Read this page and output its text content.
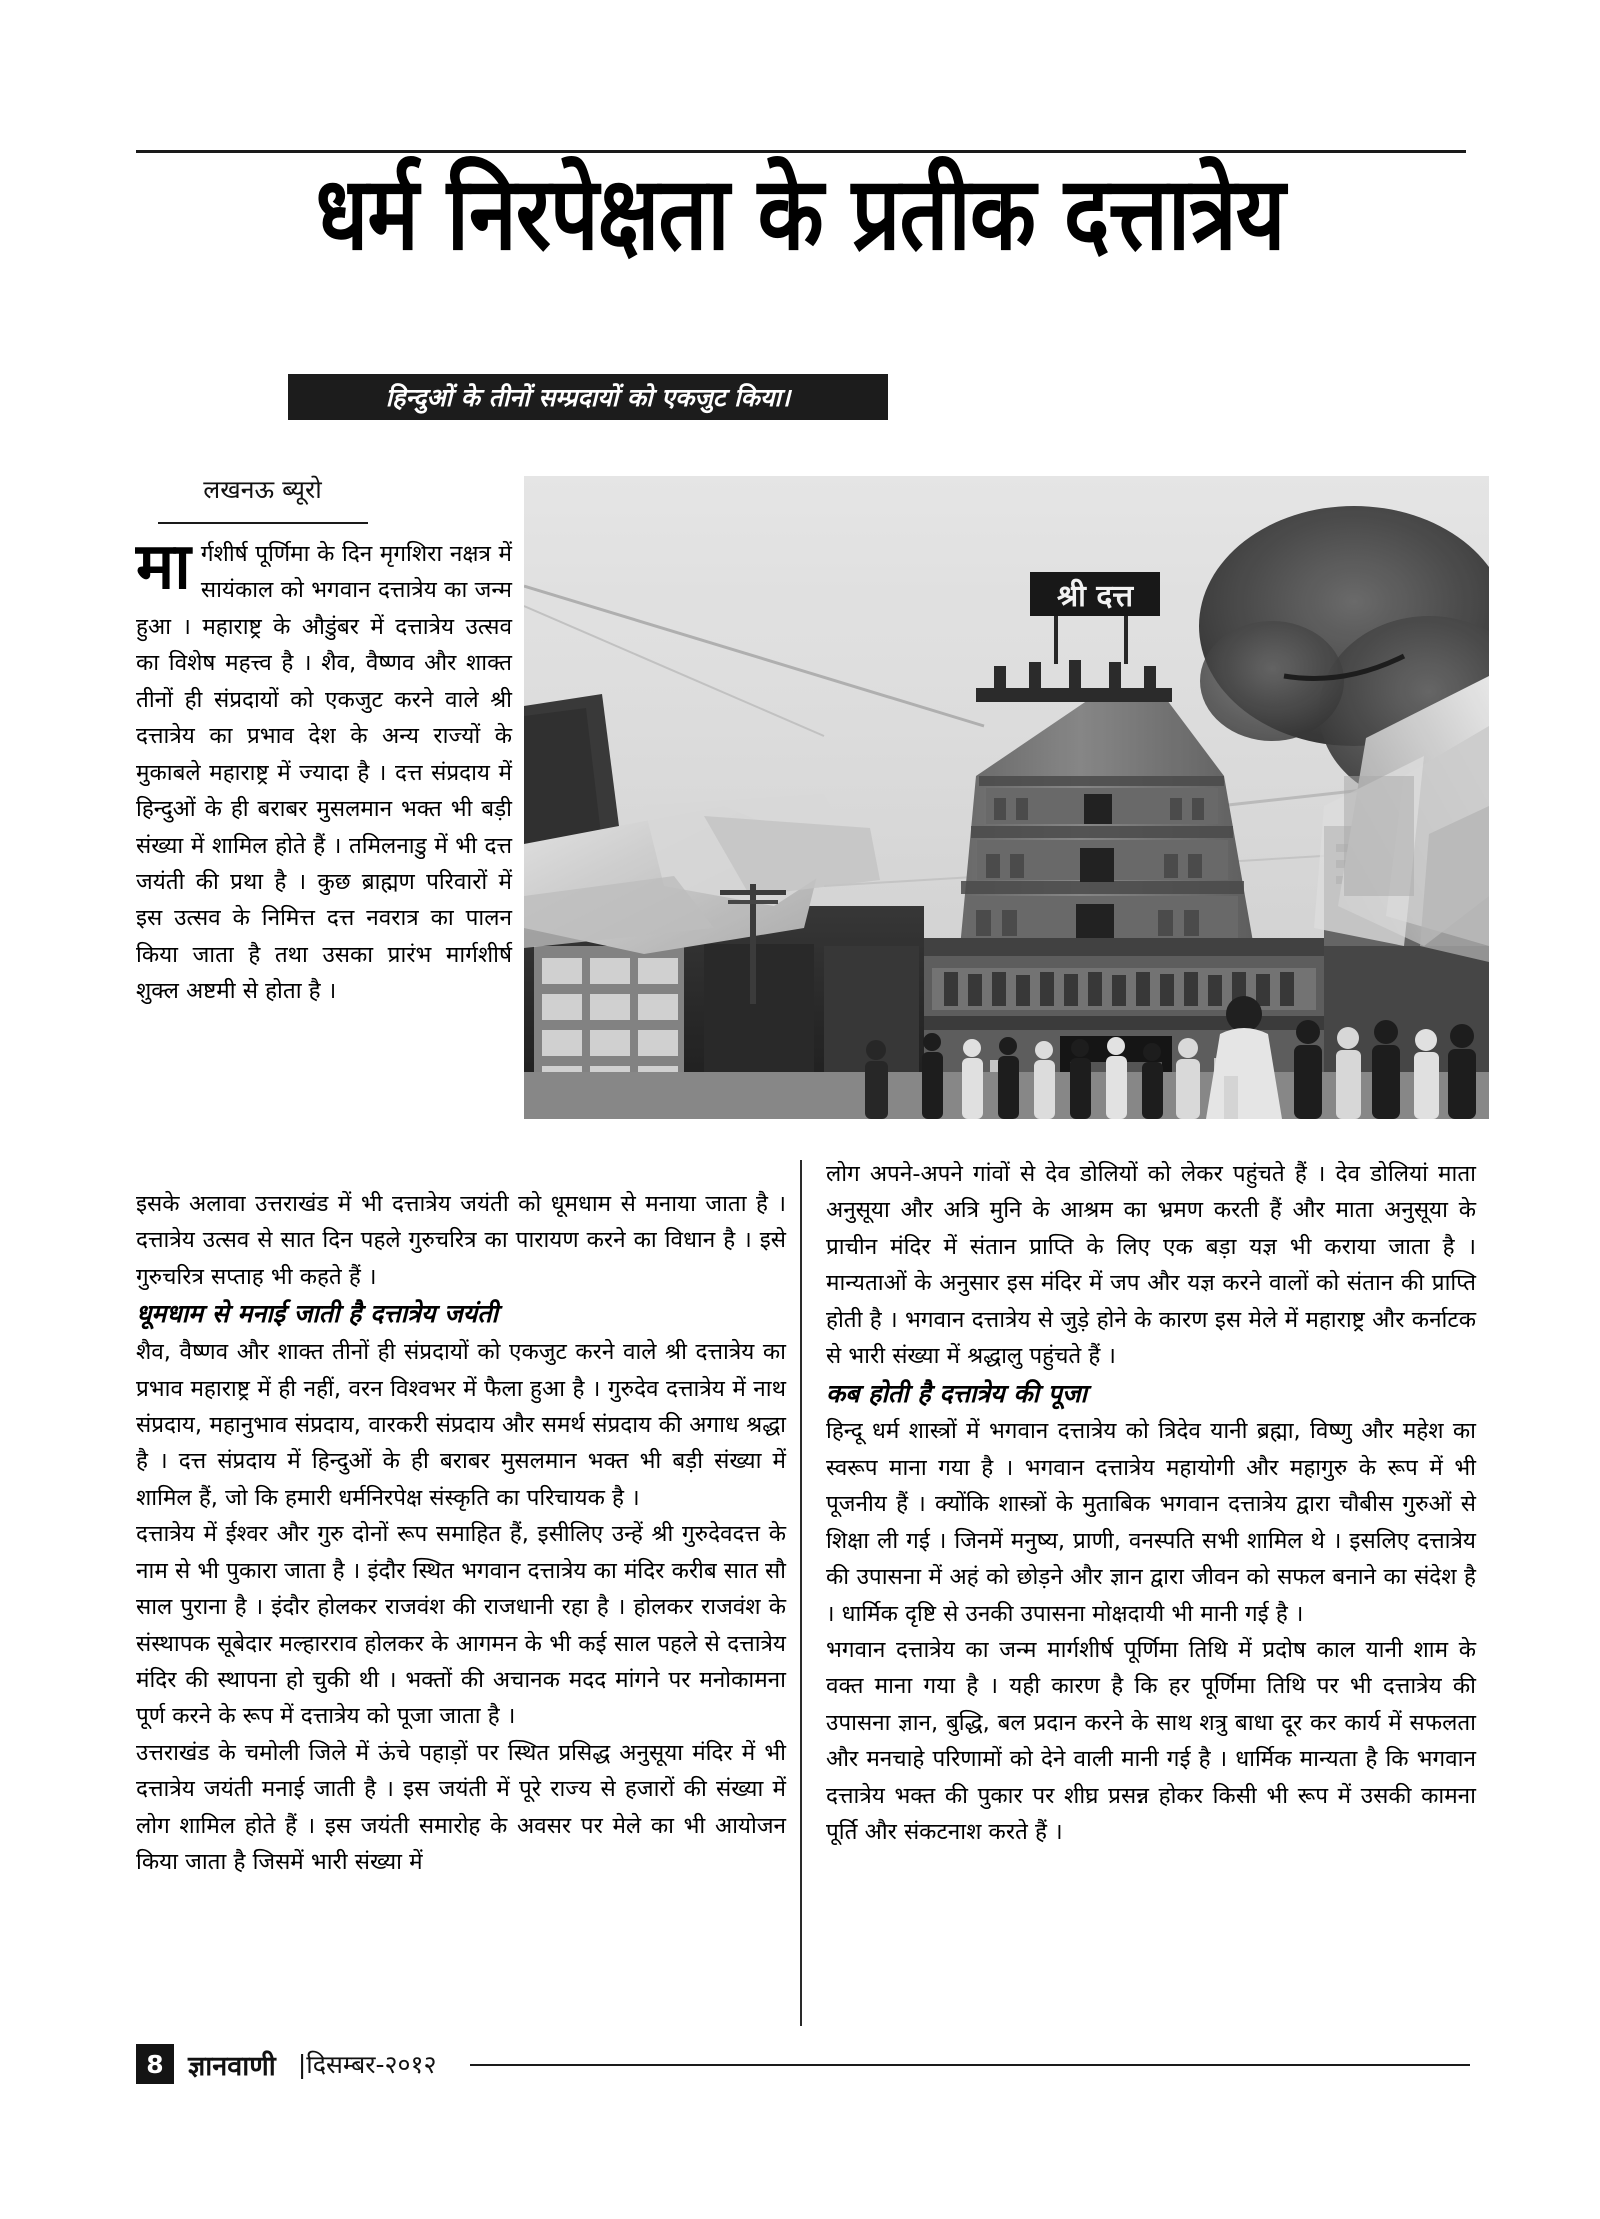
धर्म निरपेक्षता के प्रतीक दत्तात्रेय
हिन्दुओं के तीनों सम्प्रदायों को एकजुट किया।
लखनऊ ब्यूरो
श्री दत्त

मार्गशीर्ष पूर्णिमा के दिन मृगशिरा नक्षत्र में सायंकाल को भगवान दत्तात्रेय का जन्म हुआ । महाराष्ट्र के औडुंबर में दत्तात्रेय उत्सव का विशेष महत्त्व है । शैव, वैष्णव और शाक्त तीनों ही संप्रदायों को एकजुट करने वाले श्री दत्तात्रेय का प्रभाव देश के अन्य राज्यों के मुकाबले महाराष्ट्र में ज्यादा है । दत्त संप्रदाय में हिन्दुओं के ही बराबर मुसलमान भक्त भी बड़ी संख्या में शामिल होते हैं । तमिलनाडु में भी दत्त जयंती की प्रथा है । कुछ ब्राह्मण परिवारों में इस उत्सव के निमित्त दत्त नवरात्र का पालन किया जाता है तथा उसका प्रारंभ मार्गशीर्ष शुक्ल अष्टमी से होता है ।

इसके अलावा उत्तराखंड में भी दत्तात्रेय जयंती को धूमधाम से मनाया जाता है । दत्तात्रेय उत्सव से सात दिन पहले गुरुचरित्र का पारायण करने का विधान है । इसे गुरुचरित्र सप्ताह भी कहते हैं ।

धूमधाम से मनाई जाती है दत्तात्रेय जयंती

शैव, वैष्णव और शाक्त तीनों ही संप्रदायों को एकजुट करने वाले श्री दत्तात्रेय का प्रभाव महाराष्ट्र में ही नहीं, वरन विश्वभर में फैला हुआ है । गुरुदेव दत्तात्रेय में नाथ संप्रदाय, महानुभाव संप्रदाय, वारकरी संप्रदाय और समर्थ संप्रदाय की अगाध श्रद्धा है । दत्त संप्रदाय में हिन्दुओं के ही बराबर मुसलमान भक्त भी बड़ी संख्या में शामिल हैं, जो कि हमारी धर्मनिरपेक्ष संस्कृति का परिचायक है ।

दत्तात्रेय में ईश्वर और गुरु दोनों रूप समाहित हैं, इसीलिए उन्हें श्री गुरुदेवदत्त के नाम से भी पुकारा जाता है । इंदौर स्थित भगवान दत्तात्रेय का मंदिर करीब सात सौ साल पुराना है । इंदौर होलकर राजवंश की राजधानी रहा है । होलकर राजवंश के संस्थापक सूबेदार मल्हारराव होलकर के आगमन के भी कई साल पहले से दत्तात्रेय मंदिर की स्थापना हो चुकी थी । भक्तों की अचानक मदद मांगने पर मनोकामना पूर्ण करने के रूप में दत्तात्रेय को पूजा जाता है ।

उत्तराखंड के चमोली जिले में ऊंचे पहाड़ों पर स्थित प्रसिद्ध अनुसूया मंदिर में भी दत्तात्रेय जयंती मनाई जाती है । इस जयंती में पूरे राज्य से हजारों की संख्या में लोग शामिल होते हैं । इस जयंती समारोह के अवसर पर मेले का भी आयोजन किया जाता है जिसमें भारी संख्या में

लोग अपने-अपने गांवों से देव डोलियों को लेकर पहुंचते हैं । देव डोलियां माता अनुसूया और अत्रि मुनि के आश्रम का भ्रमण करती हैं और माता अनुसूया के प्राचीन मंदिर में संतान प्राप्ति के लिए एक बड़ा यज्ञ भी कराया जाता है । मान्यताओं के अनुसार इस मंदिर में जप और यज्ञ करने वालों को संतान की प्राप्ति होती है । भगवान दत्तात्रेय से जुड़े होने के कारण इस मेले में महाराष्ट्र और कर्नाटक से भारी संख्या में श्रद्धालु पहुंचते हैं ।

कब होती है दत्तात्रेय की पूजा

हिन्दू धर्म शास्त्रों में भगवान दत्तात्रेय को त्रिदेव यानी ब्रह्मा, विष्णु और महेश का स्वरूप माना गया है । भगवान दत्तात्रेय महायोगी और महागुरु के रूप में भी पूजनीय हैं । क्योंकि शास्त्रों के मुताबिक भगवान दत्तात्रेय द्वारा चौबीस गुरुओं से शिक्षा ली गई । जिनमें मनुष्य, प्राणी, वनस्पति सभी शामिल थे । इसलिए दत्तात्रेय की उपासना में अहं को छोड़ने और ज्ञान द्वारा जीवन को सफल बनाने का संदेश है । धार्मिक दृष्टि से उनकी उपासना मोक्षदायी भी मानी गई है ।

भगवान दत्तात्रेय का जन्म मार्गशीर्ष पूर्णिमा तिथि में प्रदोष काल यानी शाम के वक्त माना गया है । यही कारण है कि हर पूर्णिमा तिथि पर भी दत्तात्रेय की उपासना ज्ञान, बुद्धि, बल प्रदान करने के साथ शत्रु बाधा दूर कर कार्य में सफलता और मनचाहे परिणामों को देने वाली मानी गई है । धार्मिक मान्यता है कि भगवान दत्तात्रेय भक्त की पुकार पर शीघ्र प्रसन्न होकर किसी भी रूप में उसकी कामना पूर्ति और संकटनाश करते हैं ।

8 ज्ञानवाणी |दिसम्बर-२०१२
